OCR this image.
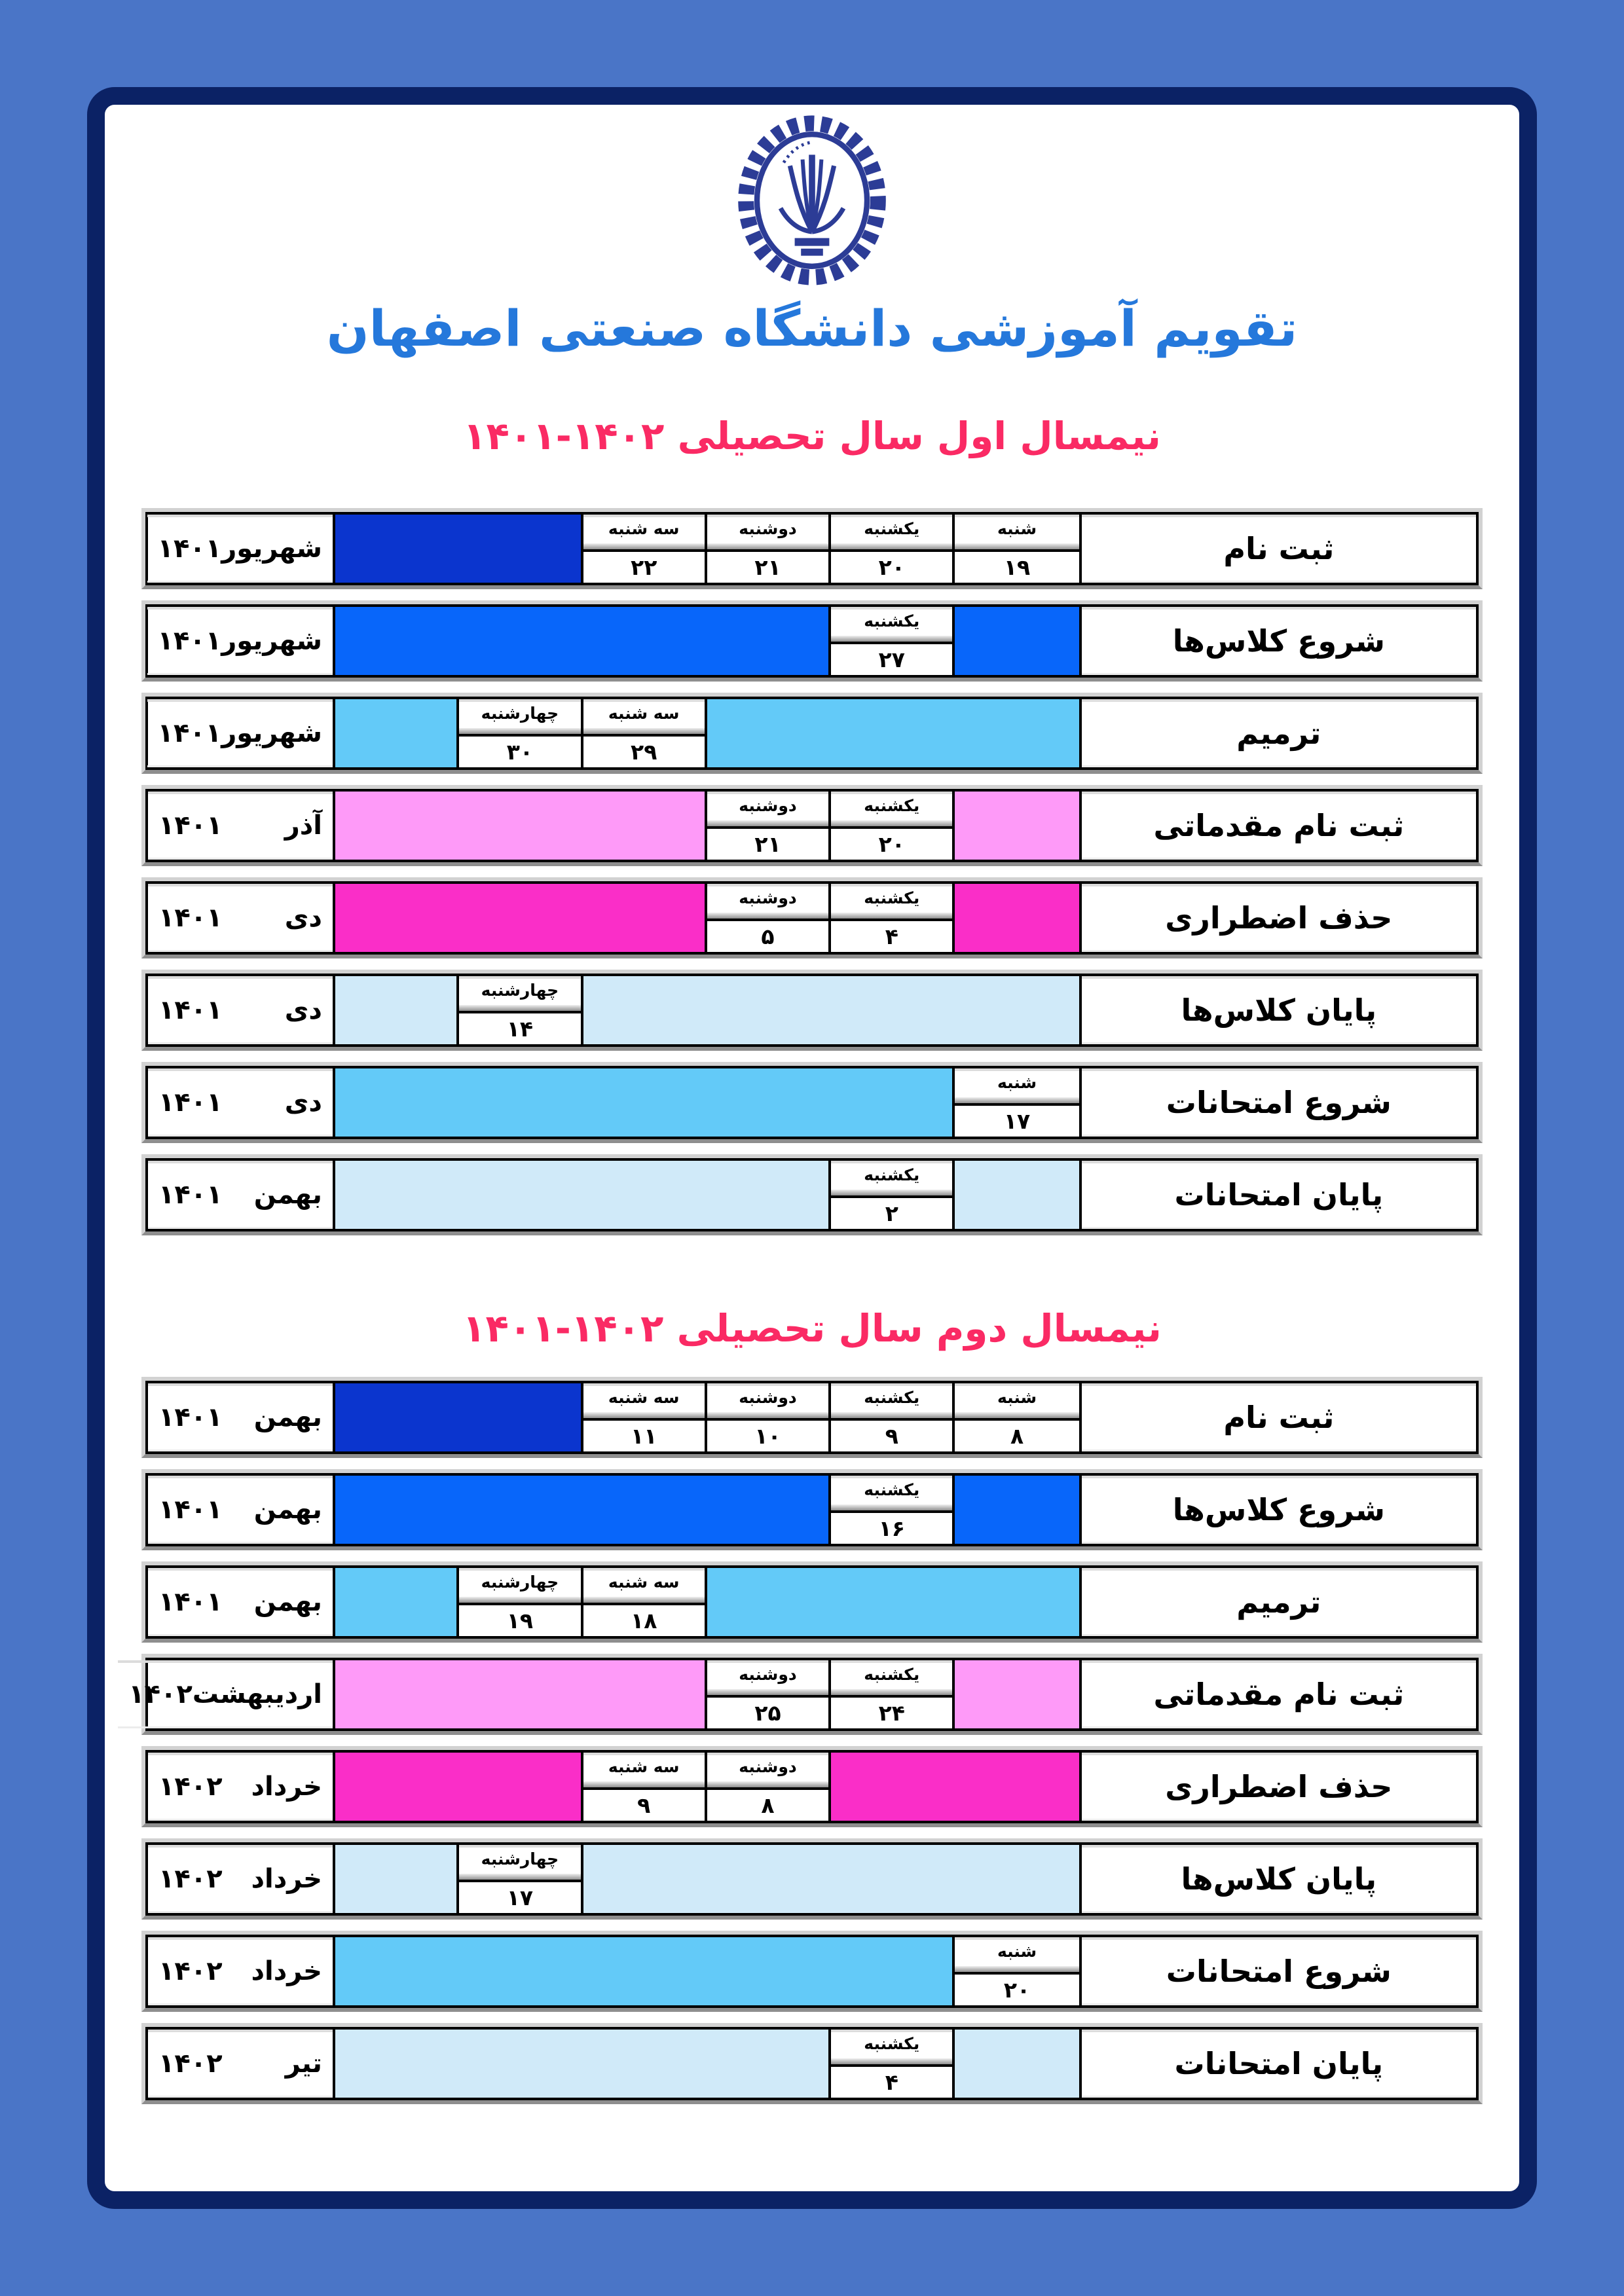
تقویم آموزشی دانشگاه صنعتی اصفهان
نیمسال اول سال تحصیلی ۱۴۰۲-۱۴۰۱
ثبت نام
شنبه
۱۹
یکشنبه
۲۰
دوشنبه
۲۱
سه شنبه
۲۲
شهریور
۱۴۰۱
شروع کلاس‌ها
یکشنبه
۲۷
شهریور
۱۴۰۱
ترمیم
سه شنبه
۲۹
چهارشنبه
۳۰
شهریور
۱۴۰۱
ثبت نام مقدماتی
یکشنبه
۲۰
دوشنبه
۲۱
آذر
۱۴۰۱
حذف اضطراری
یکشنبه
۴
دوشنبه
۵
دی
۱۴۰۱
پایان کلاس‌ها
چهارشنبه
۱۴
دی
۱۴۰۱
شروع امتحانات
شنبه
۱۷
دی
۱۴۰۱
پایان امتحانات
یکشنبه
۲
بهمن
۱۴۰۱
نیمسال دوم سال تحصیلی ۱۴۰۲-۱۴۰۱
ثبت نام
شنبه
۸
یکشنبه
۹
دوشنبه
۱۰
سه شنبه
۱۱
بهمن
۱۴۰۱
شروع کلاس‌ها
یکشنبه
۱۶
بهمن
۱۴۰۱
ترمیم
سه شنبه
۱۸
چهارشنبه
۱۹
بهمن
۱۴۰۱
ثبت نام مقدماتی
یکشنبه
۲۴
دوشنبه
۲۵
اردیبهشت
۱۴۰۲
حذف اضطراری
دوشنبه
۸
سه شنبه
۹
خرداد
۱۴۰۲
پایان کلاس‌ها
چهارشنبه
۱۷
خرداد
۱۴۰۲
شروع امتحانات
شنبه
۲۰
خرداد
۱۴۰۲
پایان امتحانات
یکشنبه
۴
تیر
۱۴۰۲
